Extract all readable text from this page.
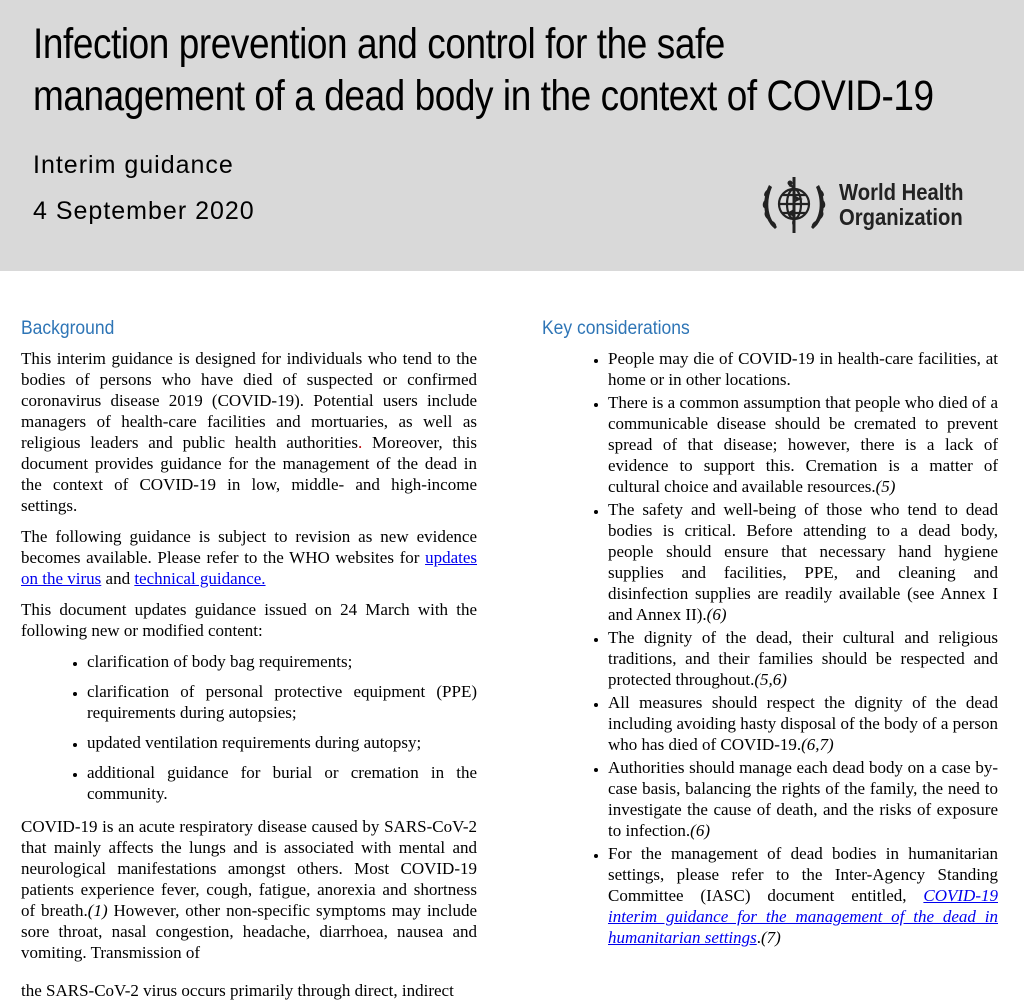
Infection prevention and control for the safe
management of a dead body in the context of COVID-19
Interim guidance
4 September 2020
World Health
Organization
Background

This interim guidance is designed for individuals who tend to the bodies of persons who have died of suspected or confirmed coronavirus disease 2019 (COVID-19). Potential users include managers of health-care facilities and mortuaries, as well as religious leaders and public health authorities. Moreover, this document provides guidance for the management of the dead in the context of COVID-19 in low, middle- and high-income settings.

The following guidance is subject to revision as new evidence becomes available. Please refer to the WHO websites for updates on the virus and technical guidance.

This document updates guidance issued on 24 March with the following new or modified content:

• clarification of body bag requirements;
• clarification of personal protective equipment (PPE) requirements during autopsies;
• updated ventilation requirements during autopsy;
• additional guidance for burial or cremation in the community.

COVID-19 is an acute respiratory disease caused by SARS-CoV-2 that mainly affects the lungs and is associated with mental and neurological manifestations amongst others. Most COVID-19 patients experience fever, cough, fatigue, anorexia and shortness of breath.(1) However, other non-specific symptoms may include sore throat, nasal congestion, headache, diarrhoea, nausea and vomiting. Transmission of

the SARS-CoV-2 virus occurs primarily through direct, indirect
Key considerations
• People may die of COVID-19 in health-care facilities, at home or in other locations.
• There is a common assumption that people who died of a communicable disease should be cremated to prevent spread of that disease; however, there is a lack of evidence to support this. Cremation is a matter of cultural choice and available resources.(5)
• The safety and well-being of those who tend to dead bodies is critical. Before attending to a dead body, people should ensure that necessary hand hygiene supplies and facilities, PPE, and cleaning and disinfection supplies are readily available (see Annex I and Annex II).(6)
• The dignity of the dead, their cultural and religious traditions, and their families should be respected and protected throughout.(5,6)
• All measures should respect the dignity of the dead including avoiding hasty disposal of the body of a person who has died of COVID-19.(6,7)
• Authorities should manage each dead body on a case by-case basis, balancing the rights of the family, the need to investigate the cause of death, and the risks of exposure to infection.(6)
• For the management of dead bodies in humanitarian settings, please refer to the Inter-Agency Standing Committee (IASC) document entitled, COVID-19 interim guidance for the management of the dead in humanitarian settings.(7)
